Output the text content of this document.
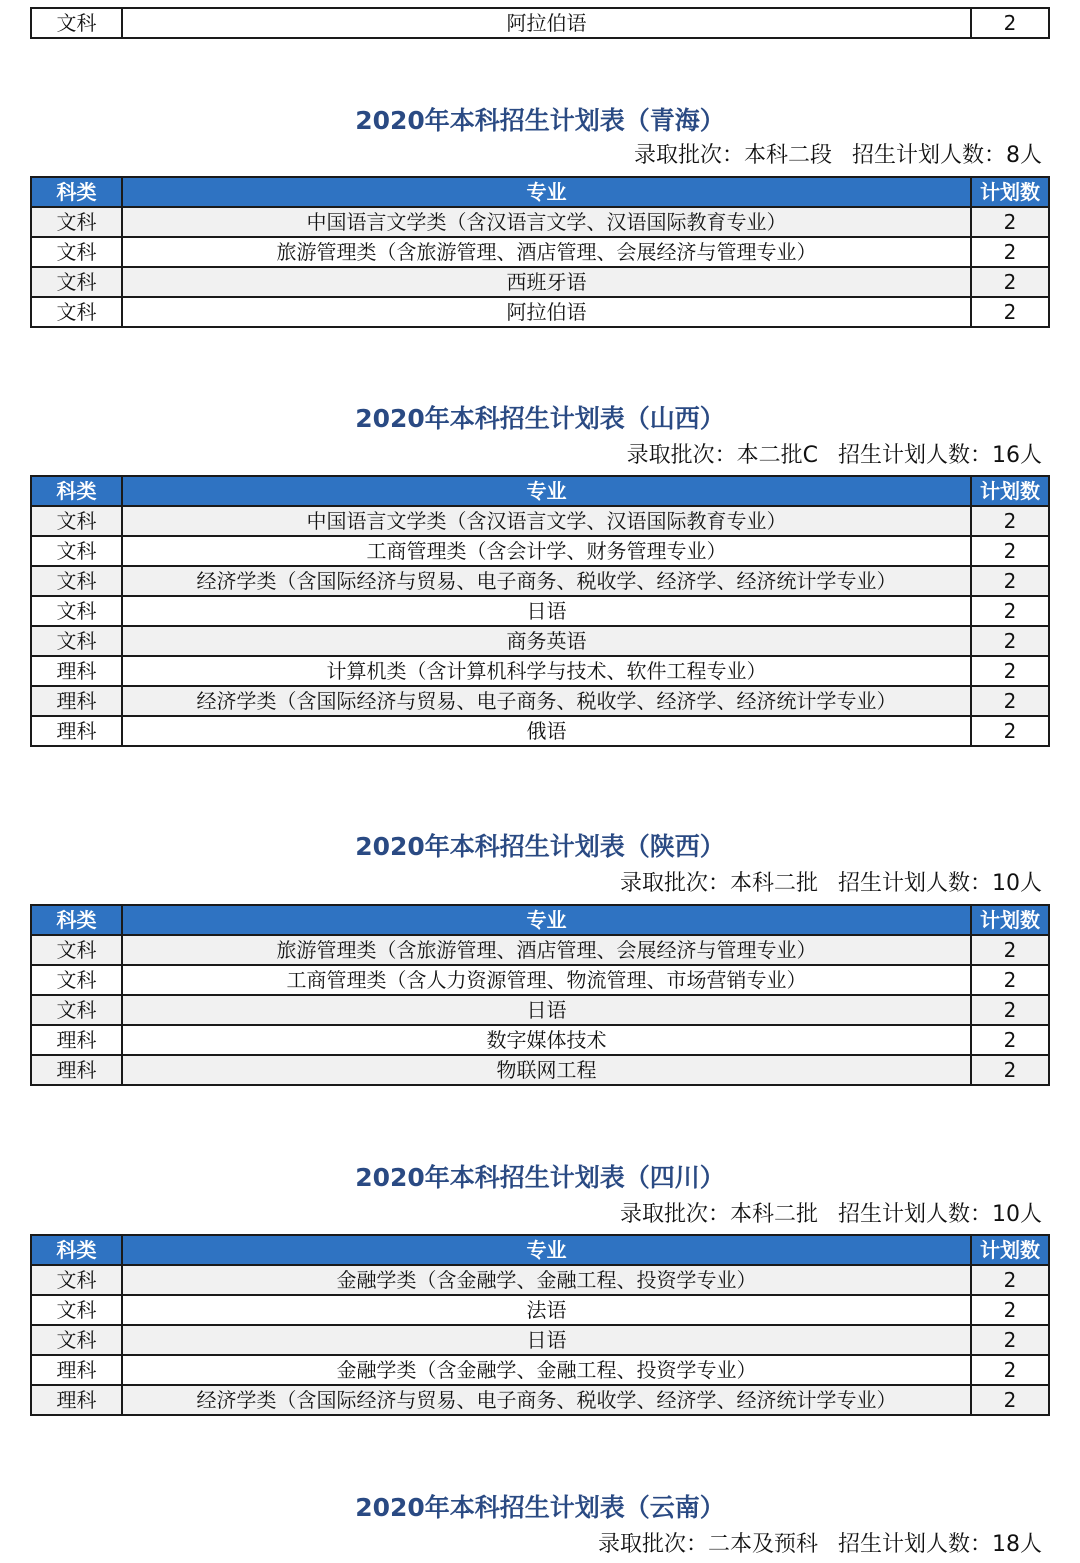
文科	阿拉伯语	2
2020年本科招生计划表（青海）
录取批次：本科二段 招生计划人数：8人
科类	专业	计划数
文科	中国语言文学类（含汉语言文学、汉语国际教育专业）	2
文科	旅游管理类（含旅游管理、酒店管理、会展经济与管理专业）	2
文科	西班牙语	2
文科	阿拉伯语	2
2020年本科招生计划表（山西）
录取批次：本二批C 招生计划人数：16人
科类	专业	计划数
文科	中国语言文学类（含汉语言文学、汉语国际教育专业）	2
文科	工商管理类（含会计学、财务管理专业）	2
文科	经济学类（含国际经济与贸易、电子商务、税收学、经济学、经济统计学专业）	2
文科	日语	2
文科	商务英语	2
理科	计算机类（含计算机科学与技术、软件工程专业）	2
理科	经济学类（含国际经济与贸易、电子商务、税收学、经济学、经济统计学专业）	2
理科	俄语	2
2020年本科招生计划表（陕西）
录取批次：本科二批 招生计划人数：10人
科类	专业	计划数
文科	旅游管理类（含旅游管理、酒店管理、会展经济与管理专业）	2
文科	工商管理类（含人力资源管理、物流管理、市场营销专业）	2
文科	日语	2
理科	数字媒体技术	2
理科	物联网工程	2
2020年本科招生计划表（四川）
录取批次：本科二批 招生计划人数：10人
科类	专业	计划数
文科	金融学类（含金融学、金融工程、投资学专业）	2
文科	法语	2
文科	日语	2
理科	金融学类（含金融学、金融工程、投资学专业）	2
理科	经济学类（含国际经济与贸易、电子商务、税收学、经济学、经济统计学专业）	2
2020年本科招生计划表（云南）
录取批次：二本及预科 招生计划人数：18人
